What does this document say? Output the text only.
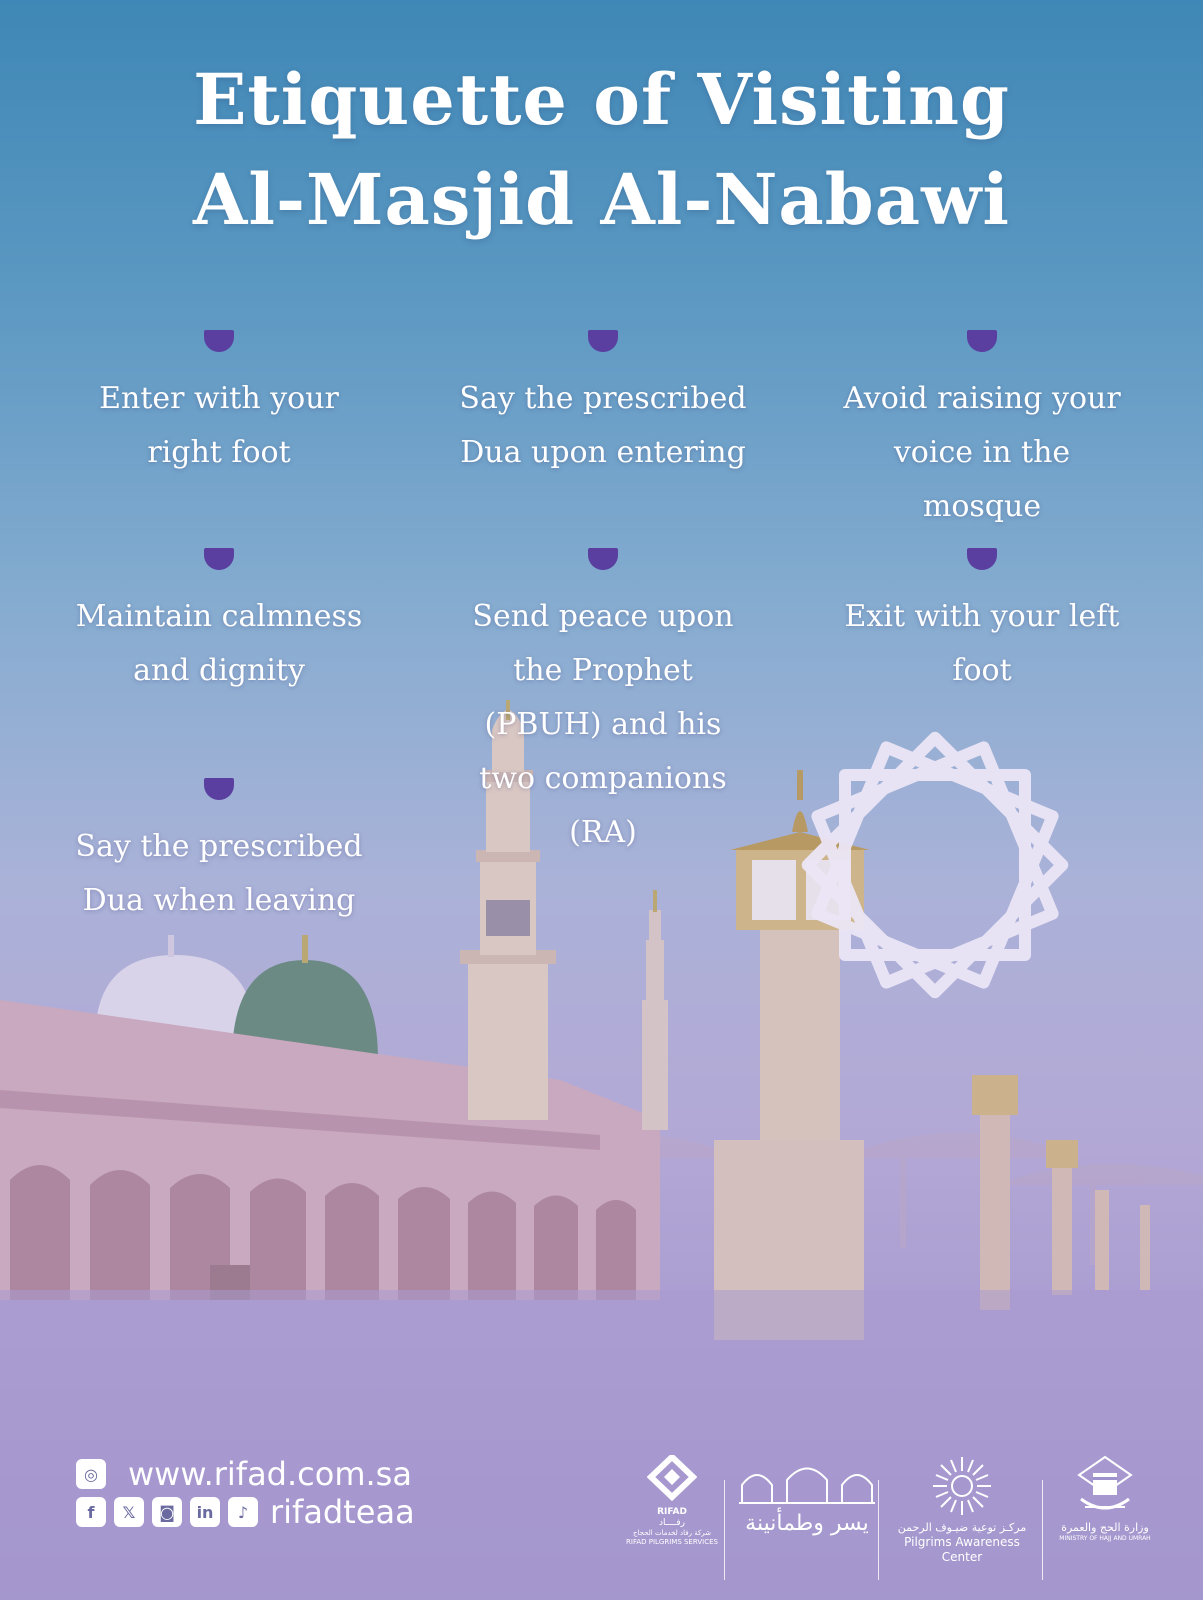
Etiquette of Visiting
Al-Masjid Al-Nabawi
Enter with your right foot
Say the prescribed Dua upon entering
Avoid raising your voice in the mosque
Maintain calmness and dignity
Send peace upon the Prophet (PBUH) and his two companions (RA)
Exit with your left foot
Say the prescribed Dua when leaving
◎ www.rifad.com.sa
f	𝕏	◙	in	♪ rifadteaa	RIFAD
رفــــاد
شركة رفاد لخدمات الحجاج
RIFAD PILGRIMS SERVICES
يسر وطمأنينة	مركـز توعية ضيـوف الرحمن
Pilgrims Awareness Center
وزارة الحج والعمرة
MINISTRY OF HAJJ AND UMRAH
